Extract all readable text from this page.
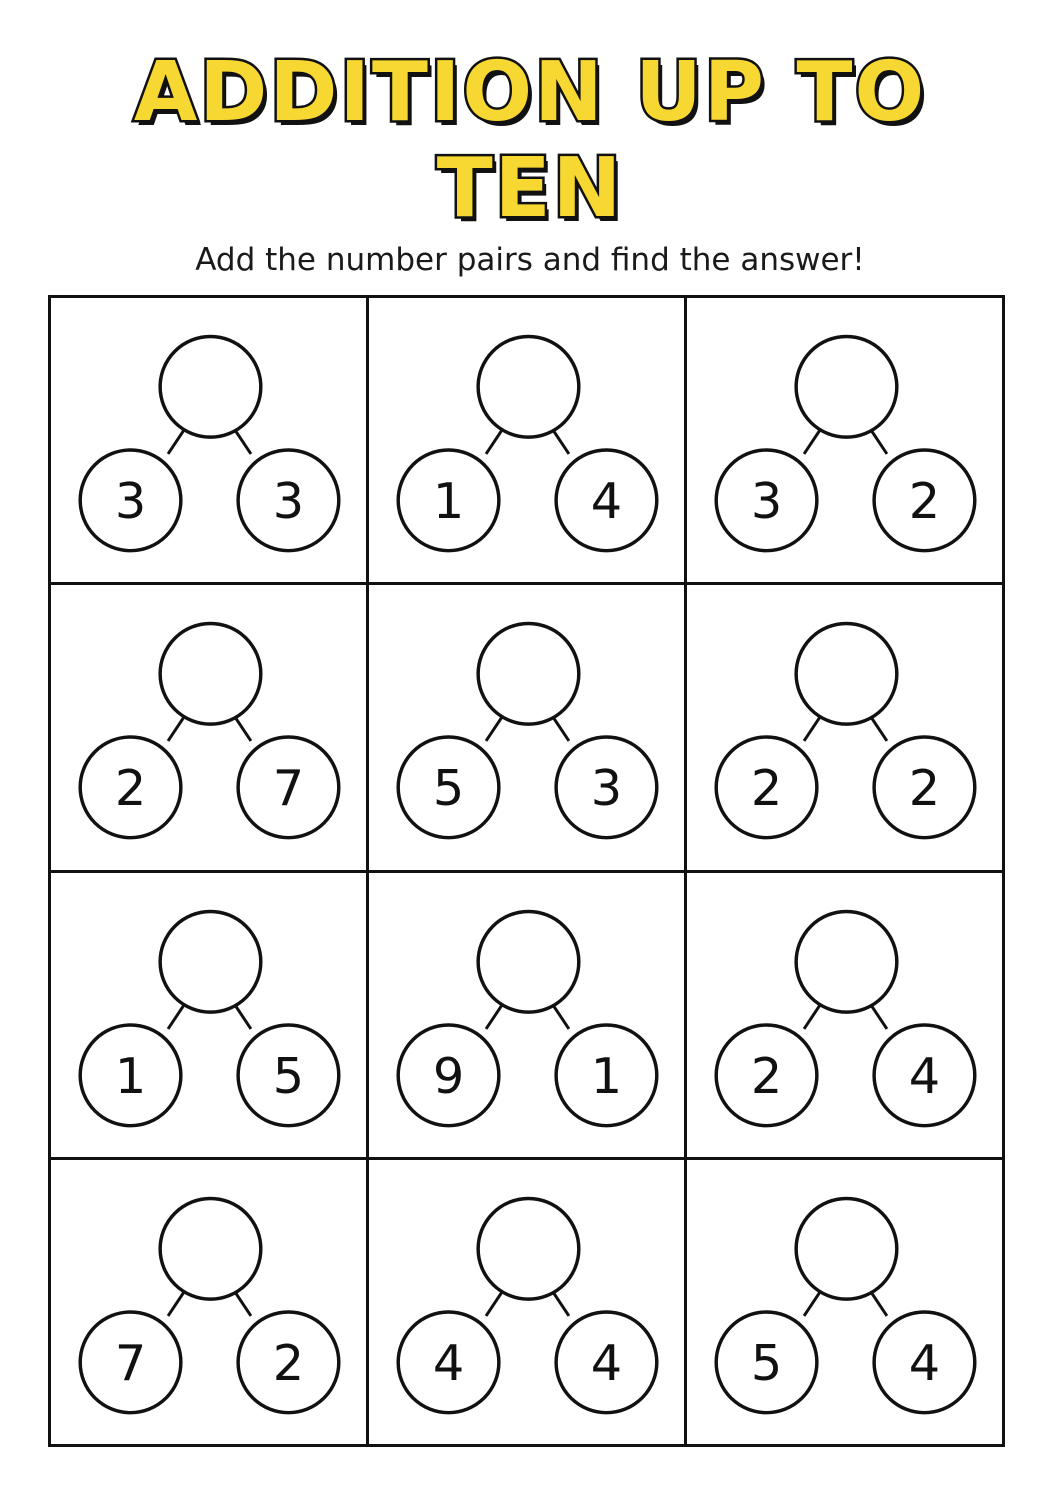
ADDITION UP TO
TEN
Add the number pairs and find the answer!
3	3	1	4	3	2
2	7	5	3	2	2
1	5	9	1	2	4
7	2	4	4	5	4
